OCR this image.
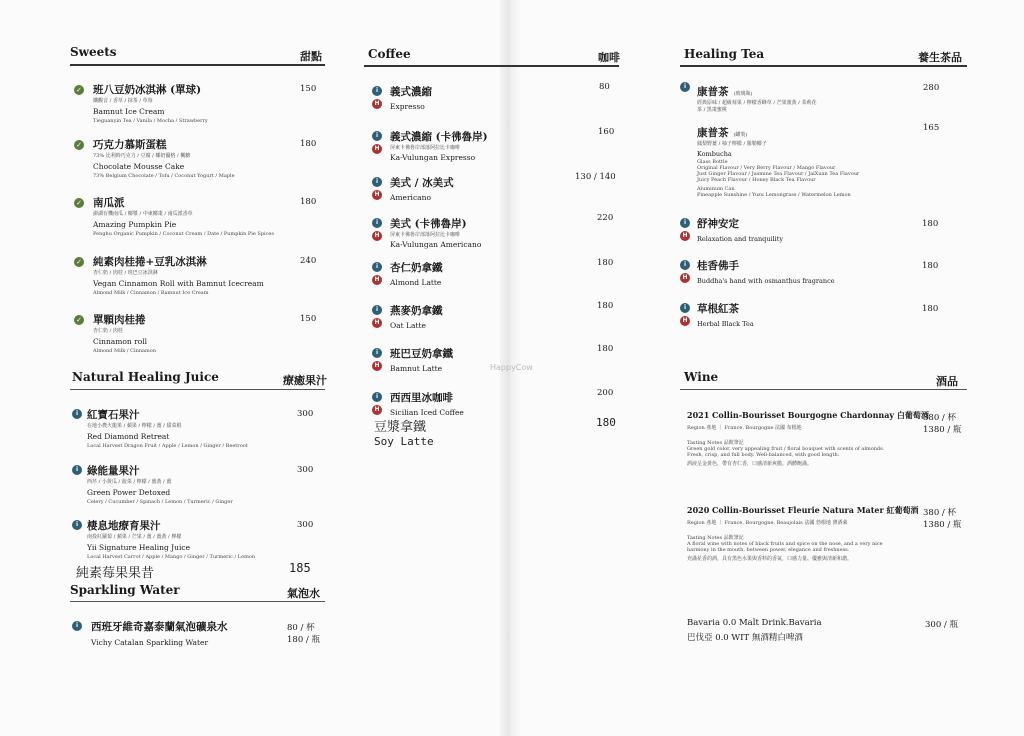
Sweets	甜點
✓
班八豆奶冰淇淋 (單球)
鐵觀音 / 香草 / 抹茶 / 草莓
Bamnut Ice Cream
Tieguanyin Tea / Vanila / Mocha / Strawberry
150
✓
巧克力慕斯蛋糕
73% 比利時巧克力 / 豆腐 / 椰奶優格 / 楓糖
Chocolate Mousse Cake
73% Belgium Chocolate / Tofu / Coconut Yogurt / Maple
180
✓
南瓜派
澎湖有機南瓜 / 椰漿 / 中東椰棗 / 南瓜派香草
Amazing Pumpkin Pie
Penghu Organic Pumpkin / Coconut Cream / Date / Pumpkin Pie Spices
180
✓
純素肉桂捲+豆乳冰淇淋
杏仁奶 / 肉桂 / 班巴豆冰淇淋
Vegan Cinnamon Roll with Bamnut Icecream
Almond Milk / Cinnamon / Bamnut Ice Cream
240
✓
單顆肉桂捲
杏仁奶 / 肉桂
Cinnamon roll
Almond Milk / Cinnamon
150
Natural Healing Juice	療癒果汁
i
紅寶石果汁
在地小農火龍果 / 蘋果 / 檸檬 / 薑 / 甜菜根
Red Diamond Retreat
Local Harvest Dragon Fruit / Apple / Lemon / Ginger / Beetroot
300
i
綠能量果汁
西芹 / 小黃瓜 / 菠菜 / 檸檬 / 薑黃 / 薑
Green Power Detoxed
Celery / Cucumber / Spinach / Lemon / Turmeric / Ginger
300
i
棲息地療育果汁
南投紅蘿蔔 / 蘋果 / 芒果 / 薑 / 薑黃 / 檸檬
Yii Signature Healing Juice
Local Harvest Carrot / Apple / Mango / Ginger / Turmeric / Lemon
300
純素莓果果昔	185
Sparkling Water	氣泡水
i
西班牙維奇嘉泰蘭氣泡礦泉水
Vichy Catalan Sparkling Water
80 / 杯
180 / 瓶
Coffee	咖啡
i
H
義式濃縮
Expresso
80
i
H
義式濃縮 (卡彿魯岸)
屏東卡彿魯岸部落阿拉比卡咖啡
Ka-Vulungan Expresso
160
i
H
美式 / 冰美式
Americano
130 / 140
i
H
美式 (卡彿魯岸)
屏東卡彿魯岸部落阿拉比卡咖啡
Ka-Vulungan Americano
220
i
H
杏仁奶拿鐵
Almond Latte
180
i
H
燕麥奶拿鐵
Oat Latte
180
i
H
班巴豆奶拿鐵
Bamnut Latte
180
i
H
西西里冰咖啡
Sicilian Iced Coffee
200
豆漿拿鐵
Soy Latte
180
HappyCow
Healing Tea	養生茶品
i
康普茶 (玻璃瓶)
經典原味 / 超級莓果 / 檸檬香蜂草 / 芒果薑黃 / 茉莉花茶 / 黑棗蜜桃
280
康普茶 (罐裝)
鳳梨野薑 / 柚子檸檬 / 羅勒椰子
Kombucha
Glass Bottle
Original Flavour / Very Berry Flavour / Mango Flavour
Just Ginger Flavour / Jasmine Tea Flavour / JaiXuan Tea Flavour
Juicy Peach Flavour / Honey Black Tea Flavour
Aluminum Can
Pineapple Sunshine / Yuzu Lemongrass / Watermelon Lemon
165
i
H
舒神安定
Relaxation and tranquility
180
i
H
桂香佛手
Buddha's hand with osmanthus fragrance
180
i
H
草根紅茶
Herbal Black Tea
180
Wine	酒品
2021 Collin-Bourisset Bourgogne Chardonnay 白葡萄酒
Region 產地 ｜ France, Bourgogne 法國 布根地
Tasting Notes 品飲筆記
Green gold color, very appealing fruit / floral bouquet with scents of almonds. Fresh, crisp, and full body. Well-balanced, with good length.
酒液呈金黃色，帶有杏仁香，口感清新爽脆、酒體飽滿。
380 / 杯
1380 / 瓶
2020 Collin-Bourisset Fleurie Natura Mater 紅葡萄酒
Region 產地 ｜ France, Bourgogne, Beaujolais 法國 勃根地 薄酒萊
Tasting Notes 品飲筆記
A floral wine with notes of black fruits and spice on the nose, and a very nice harmony in the mouth, between power, elegance and freshness.
充滿花香的酒，具有黑色水果與香料的香氣，口感力量、優雅與清新和諧。
380 / 杯
1380 / 瓶
Bavaria 0.0 Malt Drink.Bavaria
巴伐亞 0.0 WIT 無酒精白啤酒
300 / 瓶
